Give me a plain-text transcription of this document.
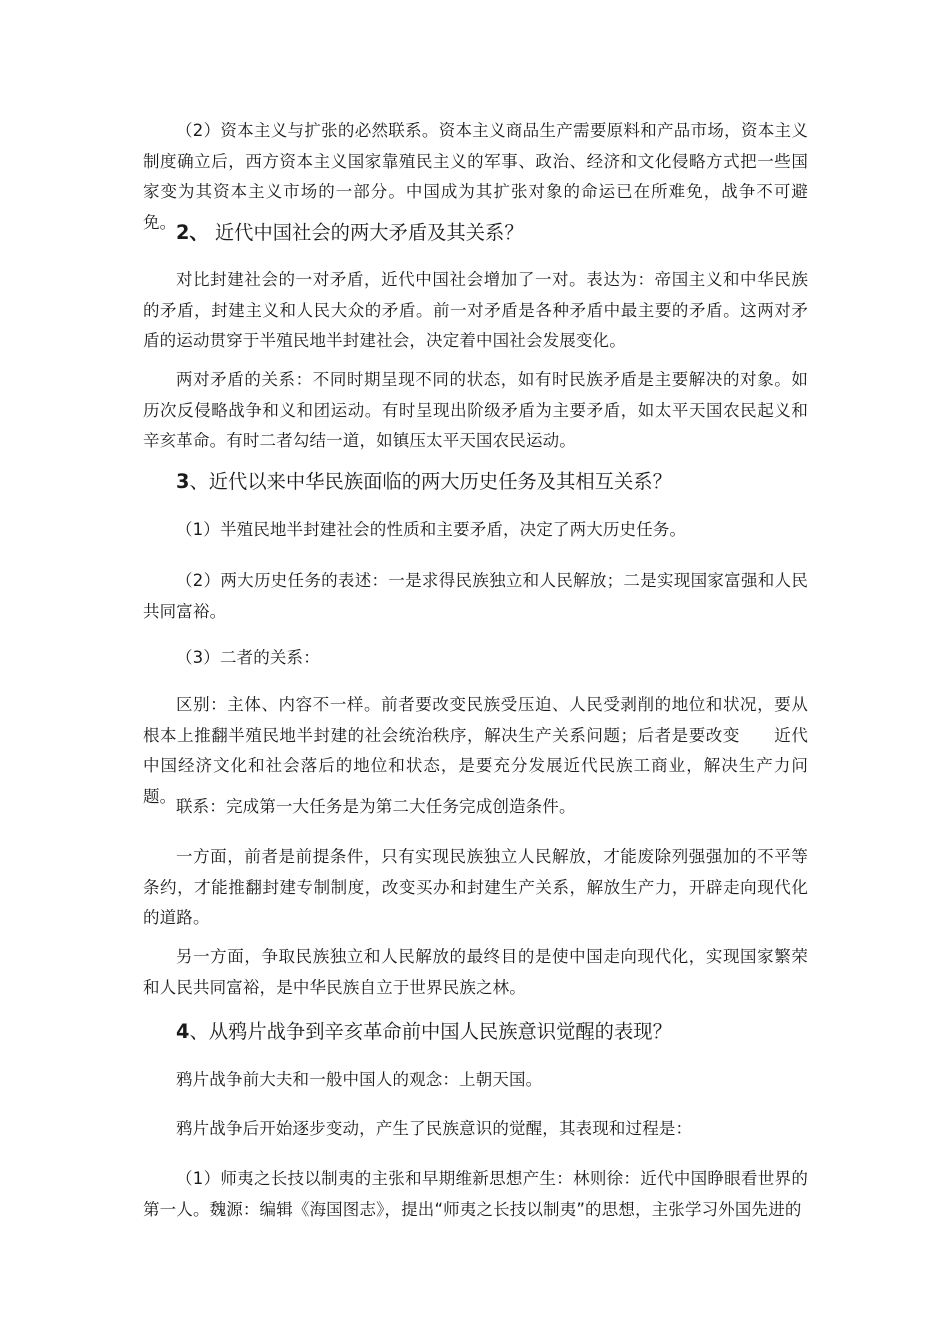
（2）资本主义与扩张的必然联系。资本主义商品生产需要原料和产品市场，资本主义制度确立后，西方资本主义国家靠殖民主义的军事、政治、经济和文化侵略方式把一些国家变为其资本主义市场的一部分。中国成为其扩张对象的命运已在所难免，战争不可避免。 2、 近代中国社会的两大矛盾及其关系？

对比封建社会的一对矛盾，近代中国社会增加了一对。表达为：帝国主义和中华民族的矛盾，封建主义和人民大众的矛盾。前一对矛盾是各种矛盾中最主要的矛盾。这两对矛盾的运动贯穿于半殖民地半封建社会，决定着中国社会发展变化。

两对矛盾的关系：不同时期呈现不同的状态，如有时民族矛盾是主要解决的对象。如历次反侵略战争和义和团运动。有时呈现出阶级矛盾为主要矛盾，如太平天国农民起义和辛亥革命。有时二者勾结一道，如镇压太平天国农民运动。

3、近代以来中华民族面临的两大历史任务及其相互关系？

（1）半殖民地半封建社会的性质和主要矛盾，决定了两大历史任务。

（2）两大历史任务的表述：一是求得民族独立和人民解放；二是实现国家富强和人民共同富裕。

（3）二者的关系：

区别：主体、内容不一样。前者要改变民族受压迫、人民受剥削的地位和状况，要从根本上推翻半殖民地半封建的社会统治秩序，解决生产关系问题；后者是要改变 近代中国经济文化和社会落后的地位和状态，是要充分发展近代民族工商业，解决生产力问题。

联系：完成第一大任务是为第二大任务完成创造条件。

一方面，前者是前提条件，只有实现民族独立人民解放，才能废除列强强加的不平等条约，才能推翻封建专制制度，改变买办和封建生产关系，解放生产力，开辟走向现代化的道路。

另一方面，争取民族独立和人民解放的最终目的是使中国走向现代化，实现国家繁荣和人民共同富裕，是中华民族自立于世界民族之林。

4、从鸦片战争到辛亥革命前中国人民族意识觉醒的表现？

鸦片战争前大夫和一般中国人的观念：上朝天国。

鸦片战争后开始逐步变动，产生了民族意识的觉醒，其表现和过程是：

（1）师夷之长技以制夷的主张和早期维新思想产生：林则徐：近代中国睁眼看世界的第一人。魏源：编辑《海国图志》，提出“师夷之长技以制夷”的思想，主张学习外国先进的
